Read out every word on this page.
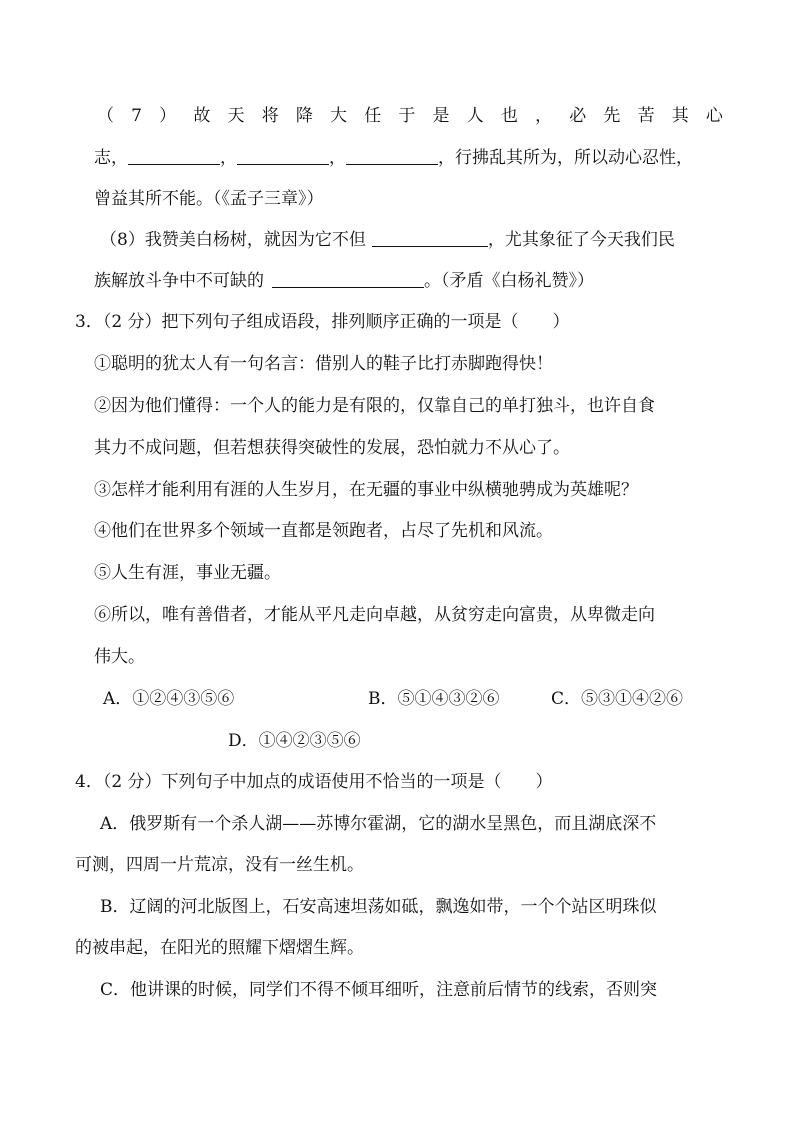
（ 7 ） 故 天 将 降 大 任 于 是 人 也 ， 必 先 苦 其 心
志，	，	，	，行拂乱其所为，所以动心忍性，
曾益其所不能。（《孟子三章》）
（8）我赞美白杨树，就因为它不但	，尤其象征了今天我们民
族解放斗争中不可缺的	。（矛盾《白杨礼赞》）
3．（2 分）把下列句子组成语段，排列顺序正确的一项是（　　）
①聪明的犹太人有一句名言：借别人的鞋子比打赤脚跑得快！
②因为他们懂得：一个人的能力是有限的，仅靠自己的单打独斗，也许自食
其力不成问题，但若想获得突破性的发展，恐怕就力不从心了。
③怎样才能利用有涯的人生岁月，在无疆的事业中纵横驰骋成为英雄呢？
④他们在世界多个领域一直都是领跑者，占尽了先机和风流。
⑤人生有涯，事业无疆。
⑥所以，唯有善借者，才能从平凡走向卓越，从贫穷走向富贵，从卑微走向
伟大。
A．①②④③⑤⑥	B．⑤①④③②⑥	C．⑤③①④②⑥
D．①④②③⑤⑥
4．（2 分）下列句子中加点的成语使用不恰当的一项是（　　）
A．俄罗斯有一个杀人湖——苏博尔霍湖，它的湖水呈黑色，而且湖底深不
可测，四周一片荒凉，没有一丝生机。
B．辽阔的河北版图上，石安高速坦荡如砥，飘逸如带，一个个站区明珠似
的被串起，在阳光的照耀下熠熠生辉。
C．他讲课的时候，同学们不得不倾耳细听，注意前后情节的线索，否则突
